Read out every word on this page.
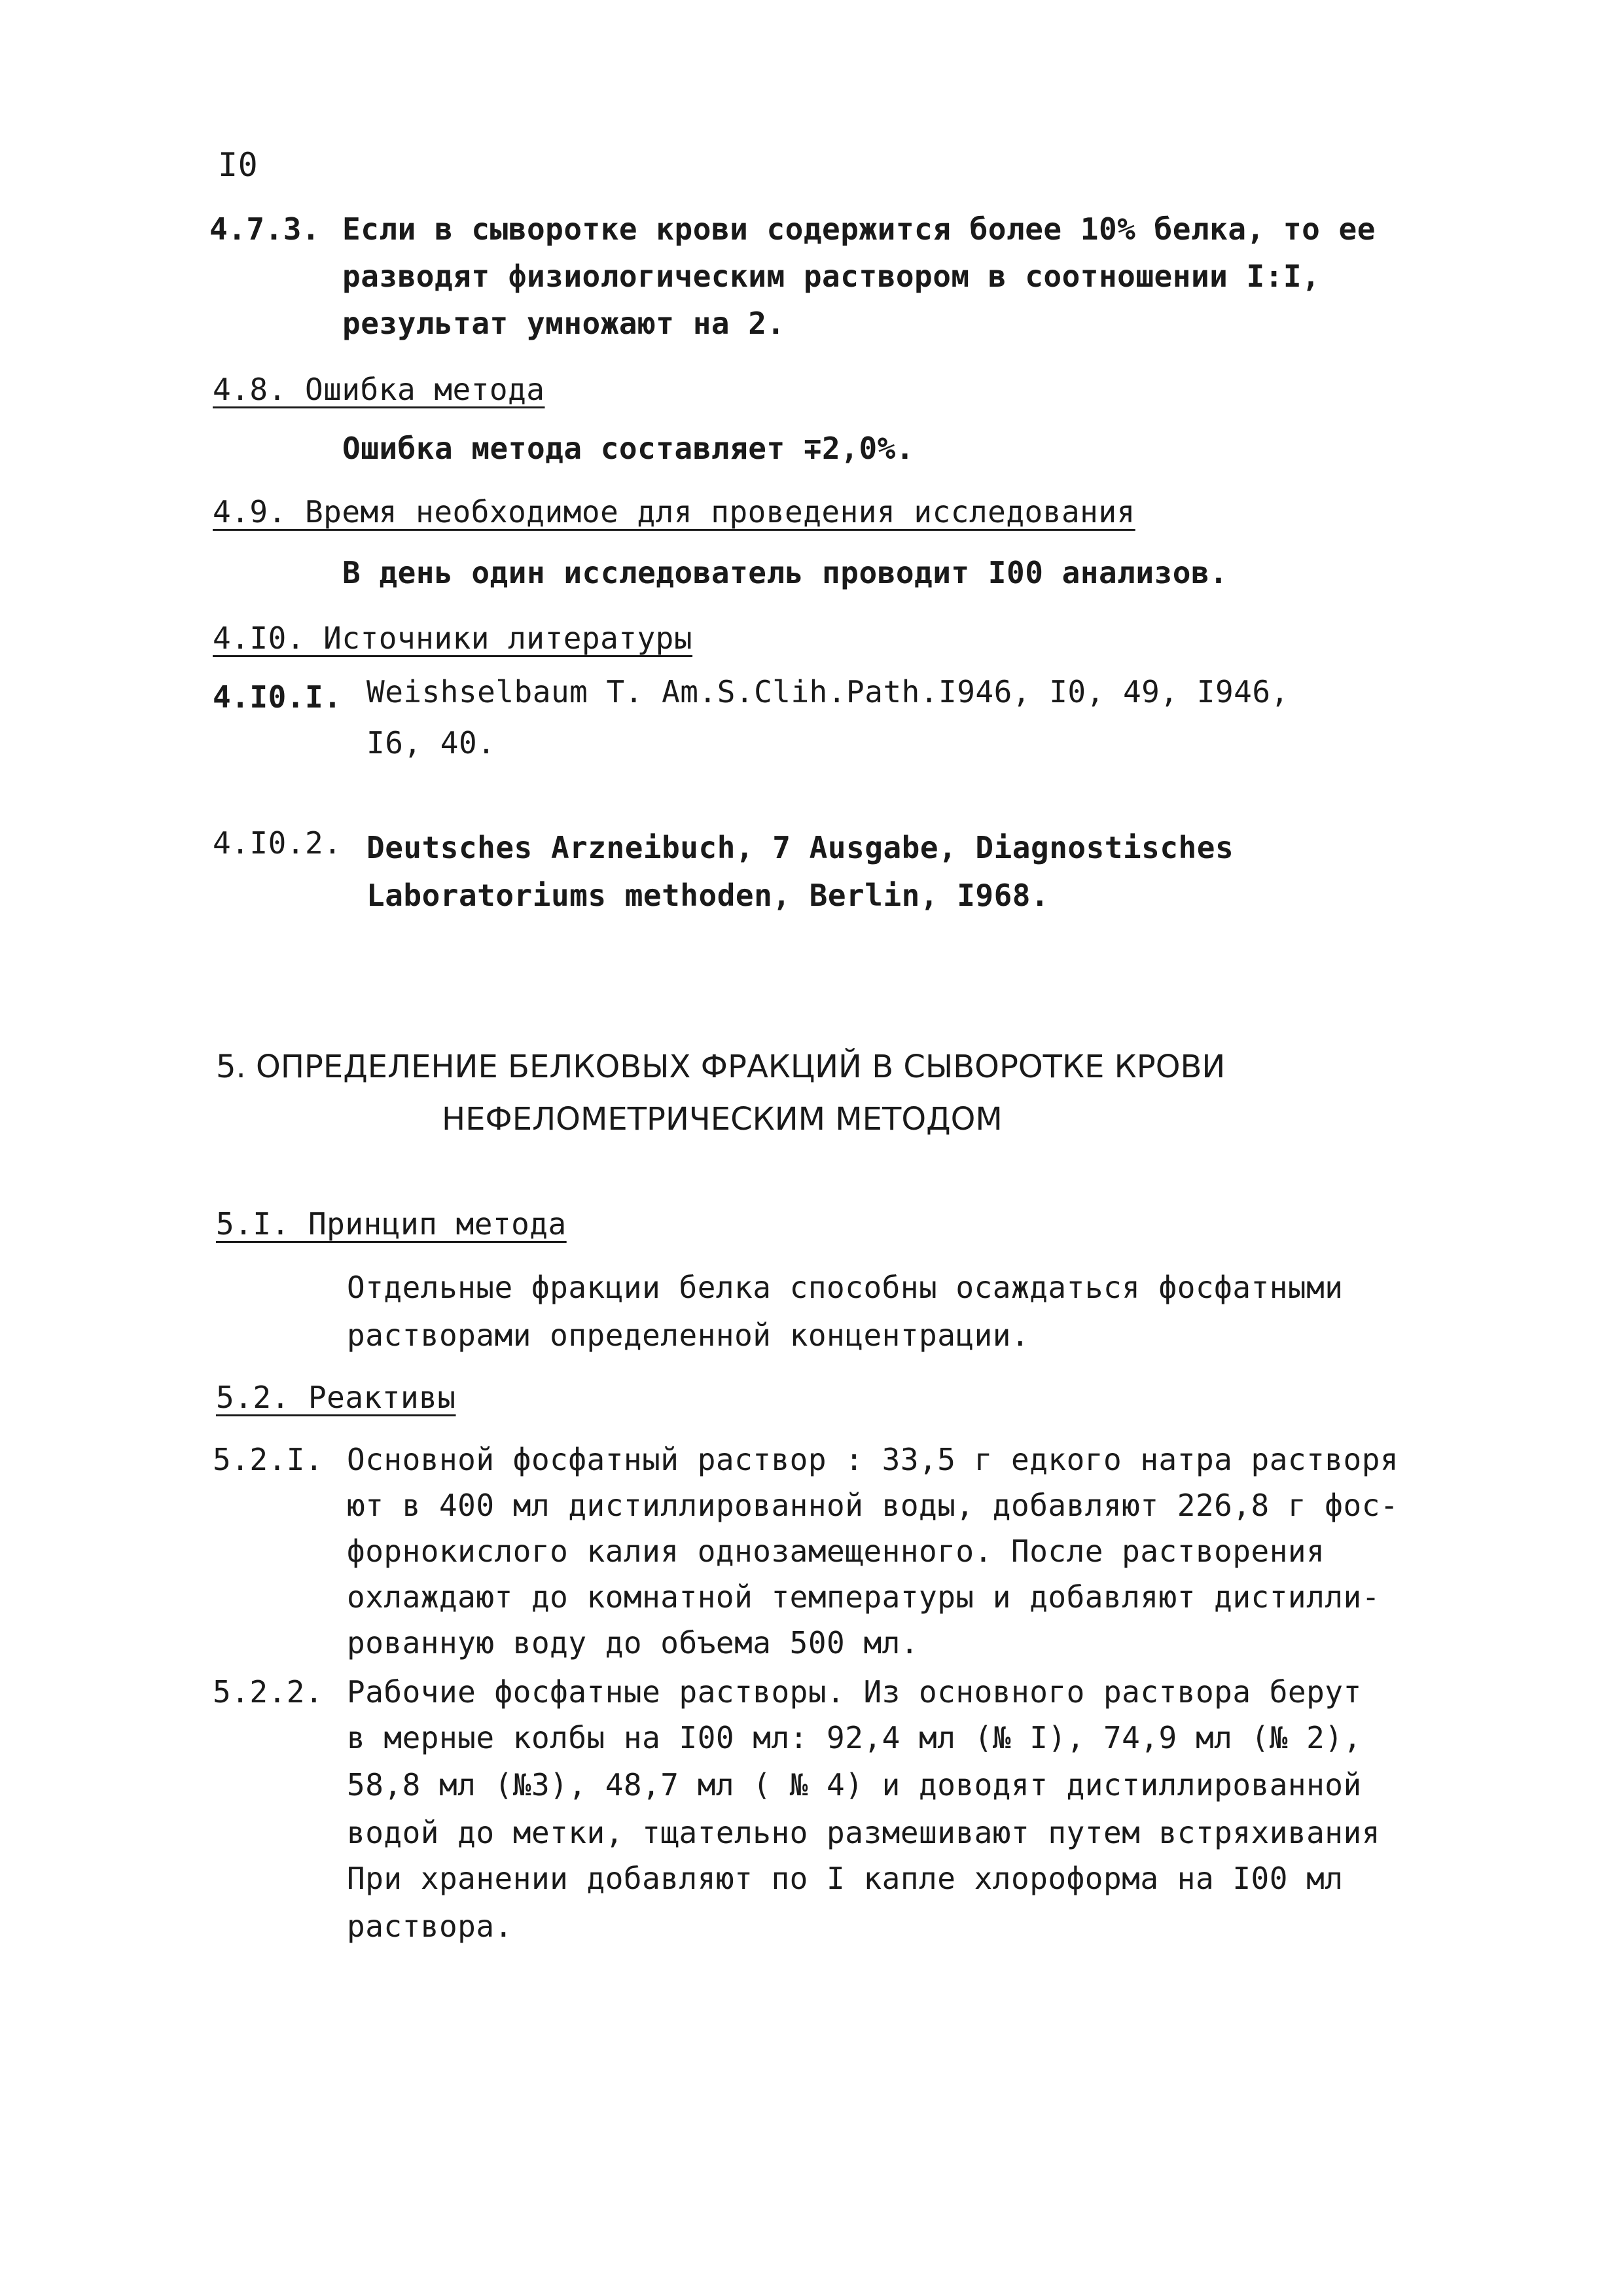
I0
4.7.3. Если в сыворотке крови содержится более 10% белка, то ее
разводят физиологическим раствором в соотношении I:I,
результат умножают на 2.
4.8. Ошибка метода
Ошибка метода составляет ∓2,0%.
4.9. Время необходимое для проведения исследования
В день один исследователь проводит I00 анализов.
4.I0. Источники литературы
4.I0.I. Weishselbaum T. Am.S.Clih.Path.I946, I0, 49, I946,
I6, 40.
4.I0.2. Deutsches Arzneibuch, 7 Ausgabe, Diagnostisches
Laboratoriums methoden, Berlin, I968.
5. ОПРЕДЕЛЕНИЕ БЕЛКОВЫХ ФРАКЦИЙ В СЫВОРОТКЕ КРОВИ
НЕФЕЛОМЕТРИЧЕСКИМ МЕТОДОМ
5.I. Принцип метода
Отдельные фракции белка способны осаждаться фосфатными
растворами определенной концентрации.
5.2. Реактивы
5.2.I. Основной фосфатный раствор : 33,5 г едкого натра растворя
ют в 400 мл дистиллированной воды, добавляют 226,8 г фос-
форнокислого калия однозамещенного. После растворения
охлаждают до комнатной температуры и добавляют дистилли-
рованную воду до объема 500 мл.
5.2.2. Рабочие фосфатные растворы. Из основного раствора берут
в мерные колбы на I00 мл: 92,4 мл (№ I), 74,9 мл (№ 2),
58,8 мл (№3), 48,7 мл ( № 4) и доводят дистиллированной
водой до метки, тщательно размешивают путем встряхивания
При хранении добавляют по I капле хлороформа на I00 мл
раствора.
